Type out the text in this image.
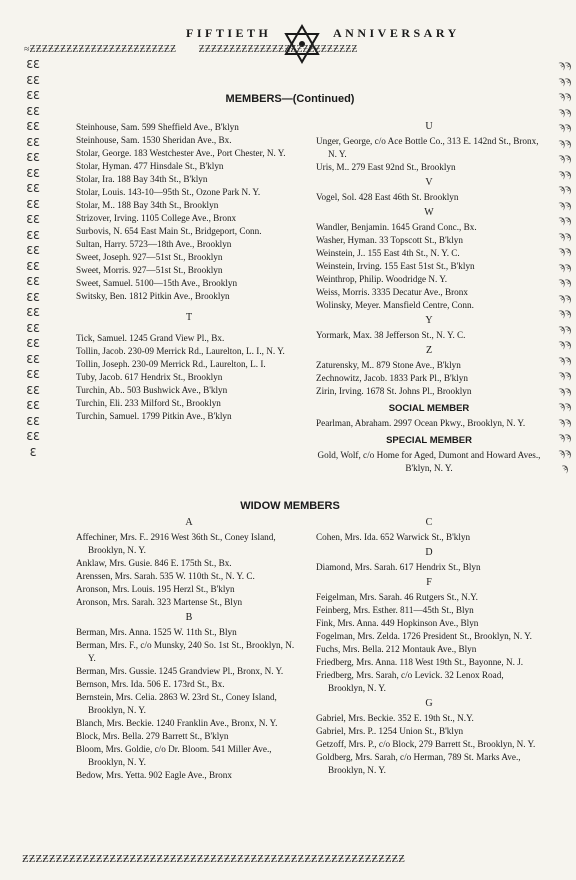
FIFTIETH	ANNIVERSARY
≈ƵƵƵƵƵƵƵƵƵƵƵƵƵƵƵƵƵƵƵƵƵƵƵƵ ƵƵƵƵƵƵƵƵƵƵƵƵƵƵƵƵƵƵƵƵƵƵƵƵƵƵ
ℇℇℇℇℇℇℇℇℇℇℇℇℇℇℇℇℇℇℇℇℇℇℇℇℇℇℇℇℇℇℇℇℇℇℇℇℇℇℇℇℇℇℇℇℇℇℇℇℇℇℇ
ϡϡϡϡϡϡϡϡϡϡϡϡϡϡϡϡϡϡϡϡϡϡϡϡϡϡϡϡϡϡϡϡϡϡϡϡϡϡϡϡϡϡϡϡϡϡϡϡϡϡϡϡϡ
ƵƵƵƵƵƵƵƵƵƵƵƵƵƵƵƵƵƵƵƵƵƵƵƵƵƵƵƵƵƵƵƵƵƵƵƵƵƵƵƵƵƵƵƵƵƵƵƵƵƵƵƵƵƵƵƵƵ
MEMBERS—(Continued)
WIDOW MEMBERS
Steinhouse, Sam. 599 Sheffield Ave., B'klyn
Steinhouse, Sam. 1530 Sheridan Ave., Bx.
Stolar, George. 183 Westchester Ave., Port Chester, N. Y.
Stolar, Hyman. 477 Hinsdale St., B'klyn
Stolar, Ira. 188 Bay 34th St., B'klyn
Stolar, Louis. 143-10—95th St., Ozone Park N. Y.
Stolar, M.. 188 Bay 34th St., Brooklyn
Strizover, Irving. 1105 College Ave., Bronx
Surbovis, N. 654 East Main St., Bridgeport, Conn.
Sultan, Harry. 5723—18th Ave., Brooklyn
Sweet, Joseph. 927—51st St., Brooklyn
Sweet, Morris. 927—51st St., Brooklyn
Sweet, Samuel. 5100—15th Ave., Brooklyn
Switsky, Ben. 1812 Pitkin Ave., Brooklyn
T
Tick, Samuel. 1245 Grand View Pl., Bx.
Tollin, Jacob. 230-09 Merrick Rd., Laurelton, L. I., N. Y.
Tollin, Joseph. 230-09 Merrick Rd., Laurelton, L. I.
Tuby, Jacob. 617 Hendrix St., Brooklyn
Turchin, Ab.. 503 Bushwick Ave., B'klyn
Turchin, Eli. 233 Milford St., Brooklyn
Turchin, Samuel. 1799 Pitkin Ave., B'klyn
U
Unger, George, c/o Ace Bottle Co., 313 E. 142nd St., Bronx, N. Y.
Uris, M.. 279 East 92nd St., Brooklyn
V
Vogel, Sol. 428 East 46th St. Brooklyn
W
Wandler, Benjamin. 1645 Grand Conc., Bx.
Washer, Hyman. 33 Topscott St., B'klyn
Weinstein, J.. 155 East 4th St., N. Y. C.
Weinstein, Irving. 155 East 51st St., B'klyn
Weinthrop, Philip. Woodridge N. Y.
Weiss, Morris. 3335 Decatur Ave., Bronx
Wolinsky, Meyer. Mansfield Centre, Conn.
Y
Yormark, Max. 38 Jefferson St., N. Y. C.
Z
Zaturensky, M.. 879 Stone Ave., B'klyn
Zechnowitz, Jacob. 1833 Park Pl., B'klyn
Zirin, Irving. 1678 St. Johns Pl., Brooklyn
SOCIAL MEMBER
Pearlman, Abraham. 2997 Ocean Pkwy., Brooklyn, N. Y.
SPECIAL MEMBER
Gold, Wolf, c/o Home for Aged, Dumont and Howard Aves., B'klyn, N. Y.
A
Affechiner, Mrs. F.. 2916 West 36th St., Coney Island, Brooklyn, N. Y.
Anklaw, Mrs. Gusie. 846 E. 175th St., Bx.
Arenssen, Mrs. Sarah. 535 W. 110th St., N. Y. C.
Aronson, Mrs. Louis. 195 Herzl St., B'klyn
Aronson, Mrs. Sarah. 323 Martense St., Blyn
B
Berman, Mrs. Anna. 1525 W. 11th St., Blyn
Berman, Mrs. F., c/o Munsky, 240 So. 1st St., Brooklyn, N. Y.
Berman, Mrs. Gussie. 1245 Grandview Pl., Bronx, N. Y.
Bernson, Mrs. Ida. 506 E. 173rd St., Bx.
Bernstein, Mrs. Celia. 2863 W. 23rd St., Coney Island, Brooklyn, N. Y.
Blanch, Mrs. Beckie. 1240 Franklin Ave., Bronx, N. Y.
Block, Mrs. Bella. 279 Barrett St., B'klyn
Bloom, Mrs. Goldie, c/o Dr. Bloom. 541 Miller Ave., Brooklyn, N. Y.
Bedow, Mrs. Yetta. 902 Eagle Ave., Bronx
C
Cohen, Mrs. Ida. 652 Warwick St., B'klyn
D
Diamond, Mrs. Sarah. 617 Hendrix St., Blyn
F
Feigelman, Mrs. Sarah. 46 Rutgers St., N.Y.
Feinberg, Mrs. Esther. 811—45th St., Blyn
Fink, Mrs. Anna. 449 Hopkinson Ave., Blyn
Fogelman, Mrs. Zelda. 1726 President St., Brooklyn, N. Y.
Fuchs, Mrs. Bella. 212 Montauk Ave., Blyn
Friedberg, Mrs. Anna. 118 West 19th St., Bayonne, N. J.
Friedberg, Mrs. Sarah, c/o Levick. 32 Lenox Road, Brooklyn, N. Y.
G
Gabriel, Mrs. Beckie. 352 E. 19th St., N.Y.
Gabriel, Mrs. P.. 1254 Union St., B'klyn
Getzoff, Mrs. P., c/o Block, 279 Barrett St., Brooklyn, N. Y.
Goldberg, Mrs. Sarah, c/o Herman, 789 St. Marks Ave., Brooklyn, N. Y.
